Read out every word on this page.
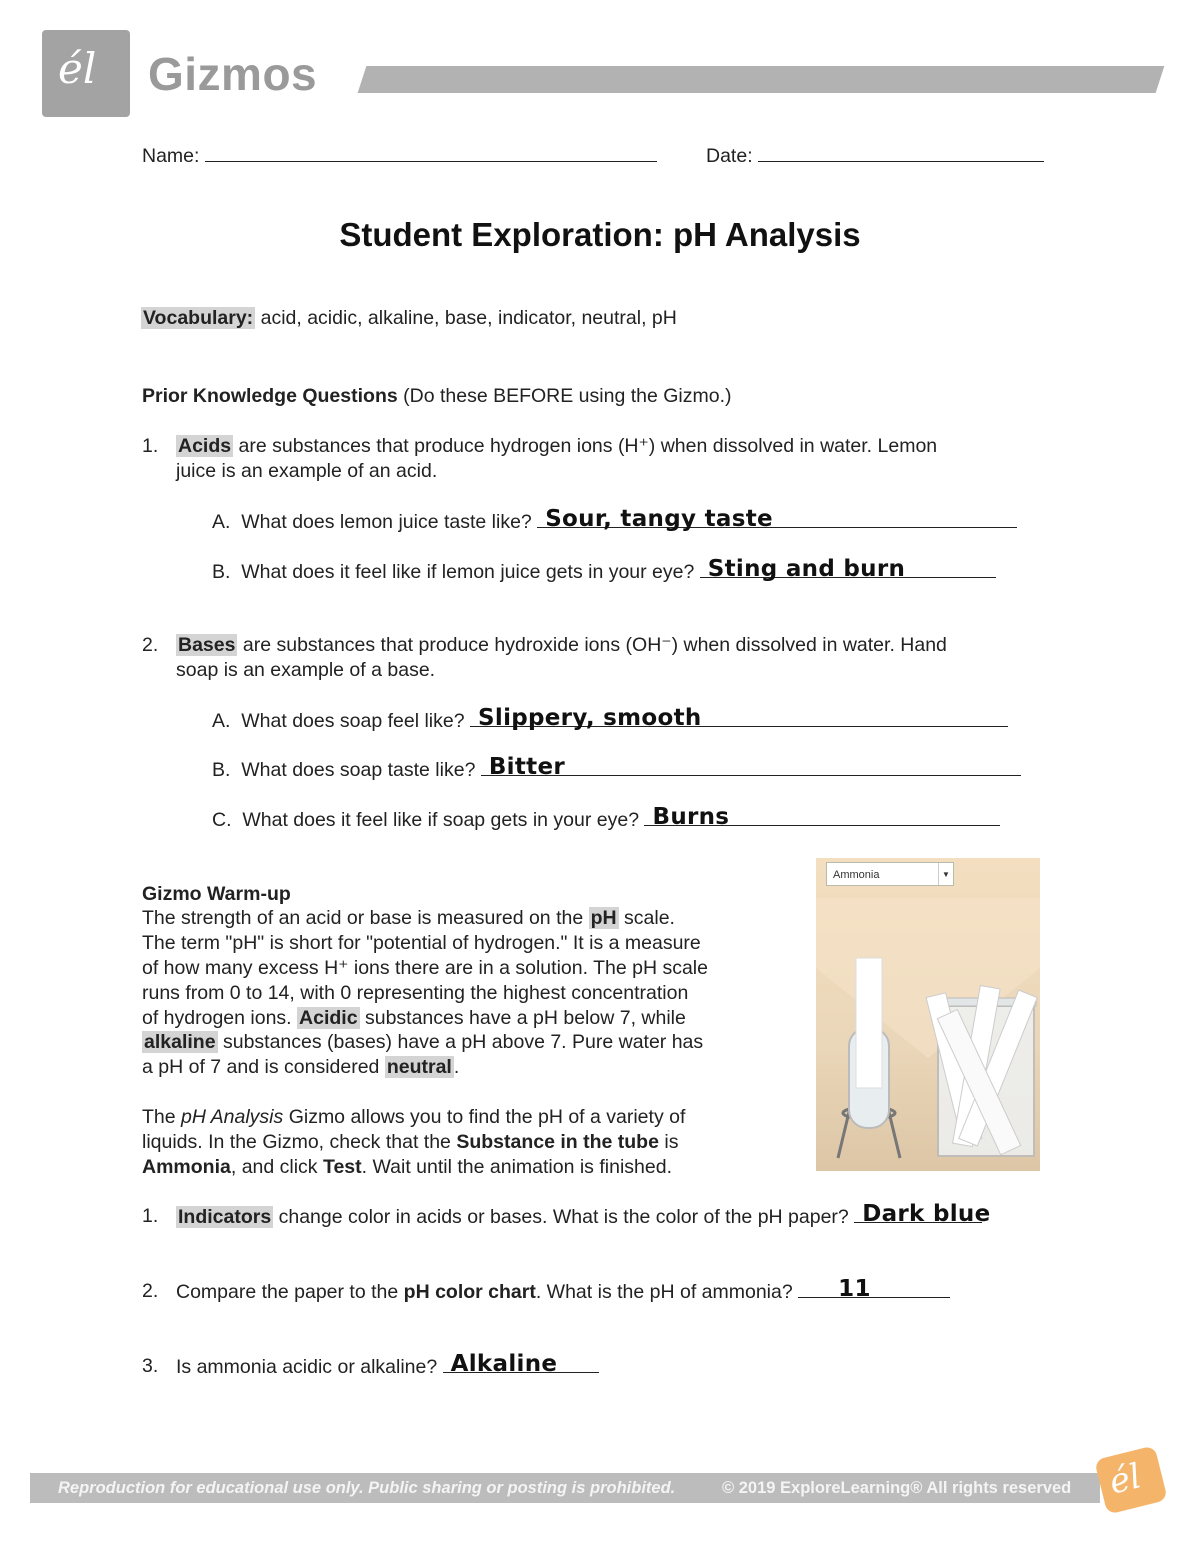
él Gizmos
Name:	Date:
Student Exploration: pH Analysis
Vocabulary: acid, acidic, alkaline, base, indicator, neutral, pH
Prior Knowledge Questions (Do these BEFORE using the Gizmo.)
1. Acids are substances that produce hydrogen ions (H⁺) when dissolved in water. Lemon
juice is an example of an acid.
A. What does lemon juice taste like? Sour, tangy taste
B. What does it feel like if lemon juice gets in your eye? Sting and burn
2. Bases are substances that produce hydroxide ions (OH⁻) when dissolved in water. Hand
soap is an example of a base.
A. What does soap feel like? Slippery, smooth
B. What does soap taste like? Bitter
C. What does it feel like if soap gets in your eye? Burns
Gizmo Warm-up
The strength of an acid or base is measured on the pH scale.
The term "pH" is short for "potential of hydrogen." It is a measure
of how many excess H⁺ ions there are in a solution. The pH scale
runs from 0 to 14, with 0 representing the highest concentration
of hydrogen ions. Acidic substances have a pH below 7, while
alkaline substances (bases) have a pH above 7. Pure water has
a pH of 7 and is considered neutral .
The pH Analysis Gizmo allows you to find the pH of a variety of
liquids. In the Gizmo, check that the Substance in the tube is
Ammonia, and click Test. Wait until the animation is finished.
Ammonia	▼
1. Indicators change color in acids or bases. What is the color of the pH paper? Dark blue
2. Compare the paper to the pH color chart. What is the pH of ammonia? 11
3. Is ammonia acidic or alkaline? Alkaline
Reproduction for educational use only. Public sharing or posting is prohibited.	© 2019 ExploreLearning® All rights reserved él
